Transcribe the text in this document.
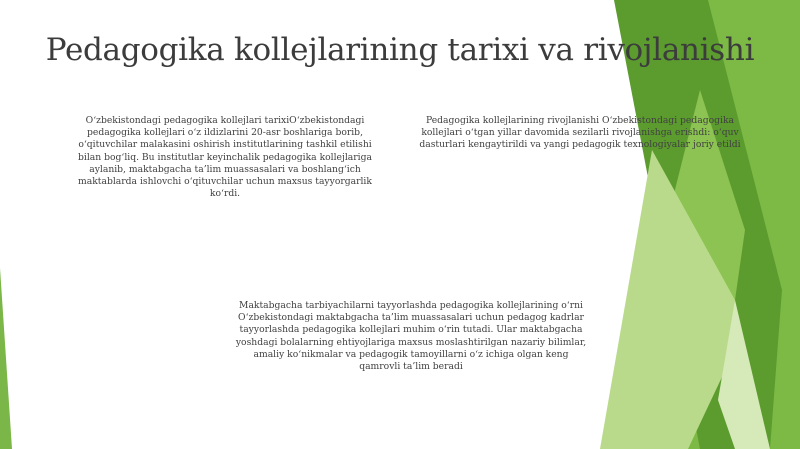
Pedagogika kollejlarining tarixi va rivojlanishi

O‘zbekistondagi pedagogika kollejlari tarixiO‘zbekistondagi pedagogika kollejlari o‘z ildizlarini 20-asr boshlariga borib, o‘qituvchilar malakasini oshirish institutlarining tashkil etilishi bilan bog‘liq. Bu institutlar keyinchalik pedagogika kollejlariga aylanib, maktabgacha ta’lim muassasalari va boshlang‘ich maktablarda ishlovchi o‘qituvchilar uchun maxsus tayyorgarlik ko‘rdi.

Pedagogika kollejlarining rivojlanishi O‘zbekistondagi pedagogika kollejlari o‘tgan yillar davomida sezilarli rivojlanishga erishdi: o‘quv dasturlari kengaytirildi va yangi pedagogik texnologiyalar joriy etildi

Maktabgacha tarbiyachilarni tayyorlashda pedagogika kollejlarining o‘rni O‘zbekistondagi maktabgacha ta’lim muassasalari uchun pedagog kadrlar tayyorlashda pedagogika kollejlari muhim o‘rin tutadi. Ular maktabgacha yoshdagi bolalarning ehtiyojlariga maxsus moslashtirilgan nazariy bilimlar, amaliy ko‘nikmalar va pedagogik tamoyillarni o‘z ichiga olgan keng qamrovli ta’lim beradi
